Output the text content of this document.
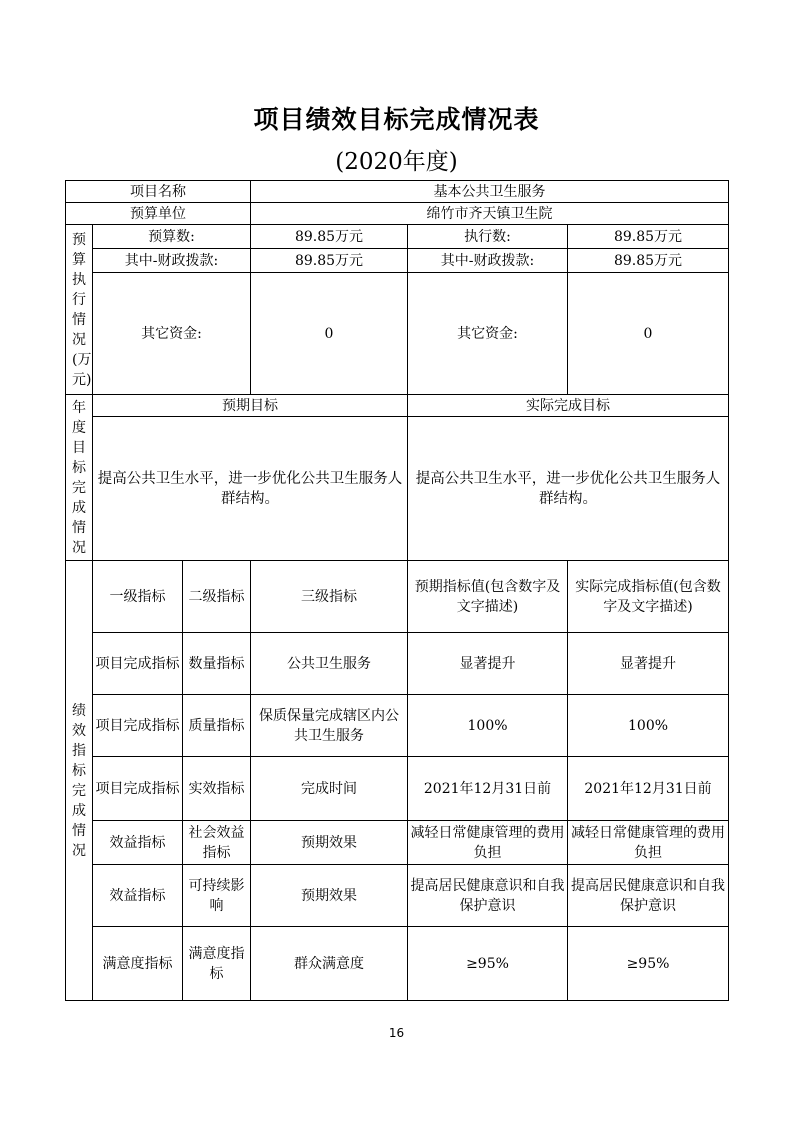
项目绩效目标完成情况表
(2020年度)
项目名称			基本公共卫生服务		
预算单位			绵竹市齐天镇卫生院		

预算执行情况(万元)	预算数:		89.85万元	执行数:	89.85万元
	其中-财政拨款:		89.85万元	其中-财政拨款:	89.85万元
	其它资金:		0	其它资金:	0

年度目标完成情况	预期目标			实际完成目标	
	提高公共卫生水平，进一步优化公共卫生服务人群结构。			提高公共卫生水平，进一步优化公共卫生服务人群结构。	

绩效指标完成情况	一级指标	二级指标	三级指标	预期指标值(包含数字及文字描述)	实际完成指标值(包含数字及文字描述)
	项目完成指标	数量指标	公共卫生服务	显著提升	显著提升
	项目完成指标	质量指标	保质保量完成辖区内公共卫生服务	100%	100%
	项目完成指标	实效指标	完成时间	2021年12月31日前	2021年12月31日前
	效益指标	社会效益指标	预期效果	减轻日常健康管理的费用负担	减轻日常健康管理的费用负担
	效益指标	可持续影响	预期效果	提高居民健康意识和自我保护意识	提高居民健康意识和自我保护意识
	满意度指标	满意度指标	群众满意度	≥95%	≥95%
16
